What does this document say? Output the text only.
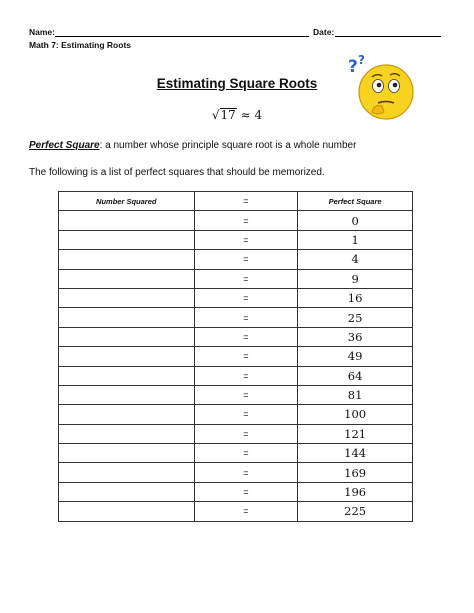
Name:	Date:
Math 7: Estimating Roots
Estimating Square Roots
√17 ≈ 4
? ?
Perfect Square: a number whose principle square root is a whole number
The following is a list of perfect squares that should be memorized.
Number Squared	=	Perfect Square
	=	0
	=	1
	=	4
	=	9
	=	16
	=	25
	=	36
	=	49
	=	64
	=	81
	=	100
	=	121
	=	144
	=	169
	=	196
	=	225
